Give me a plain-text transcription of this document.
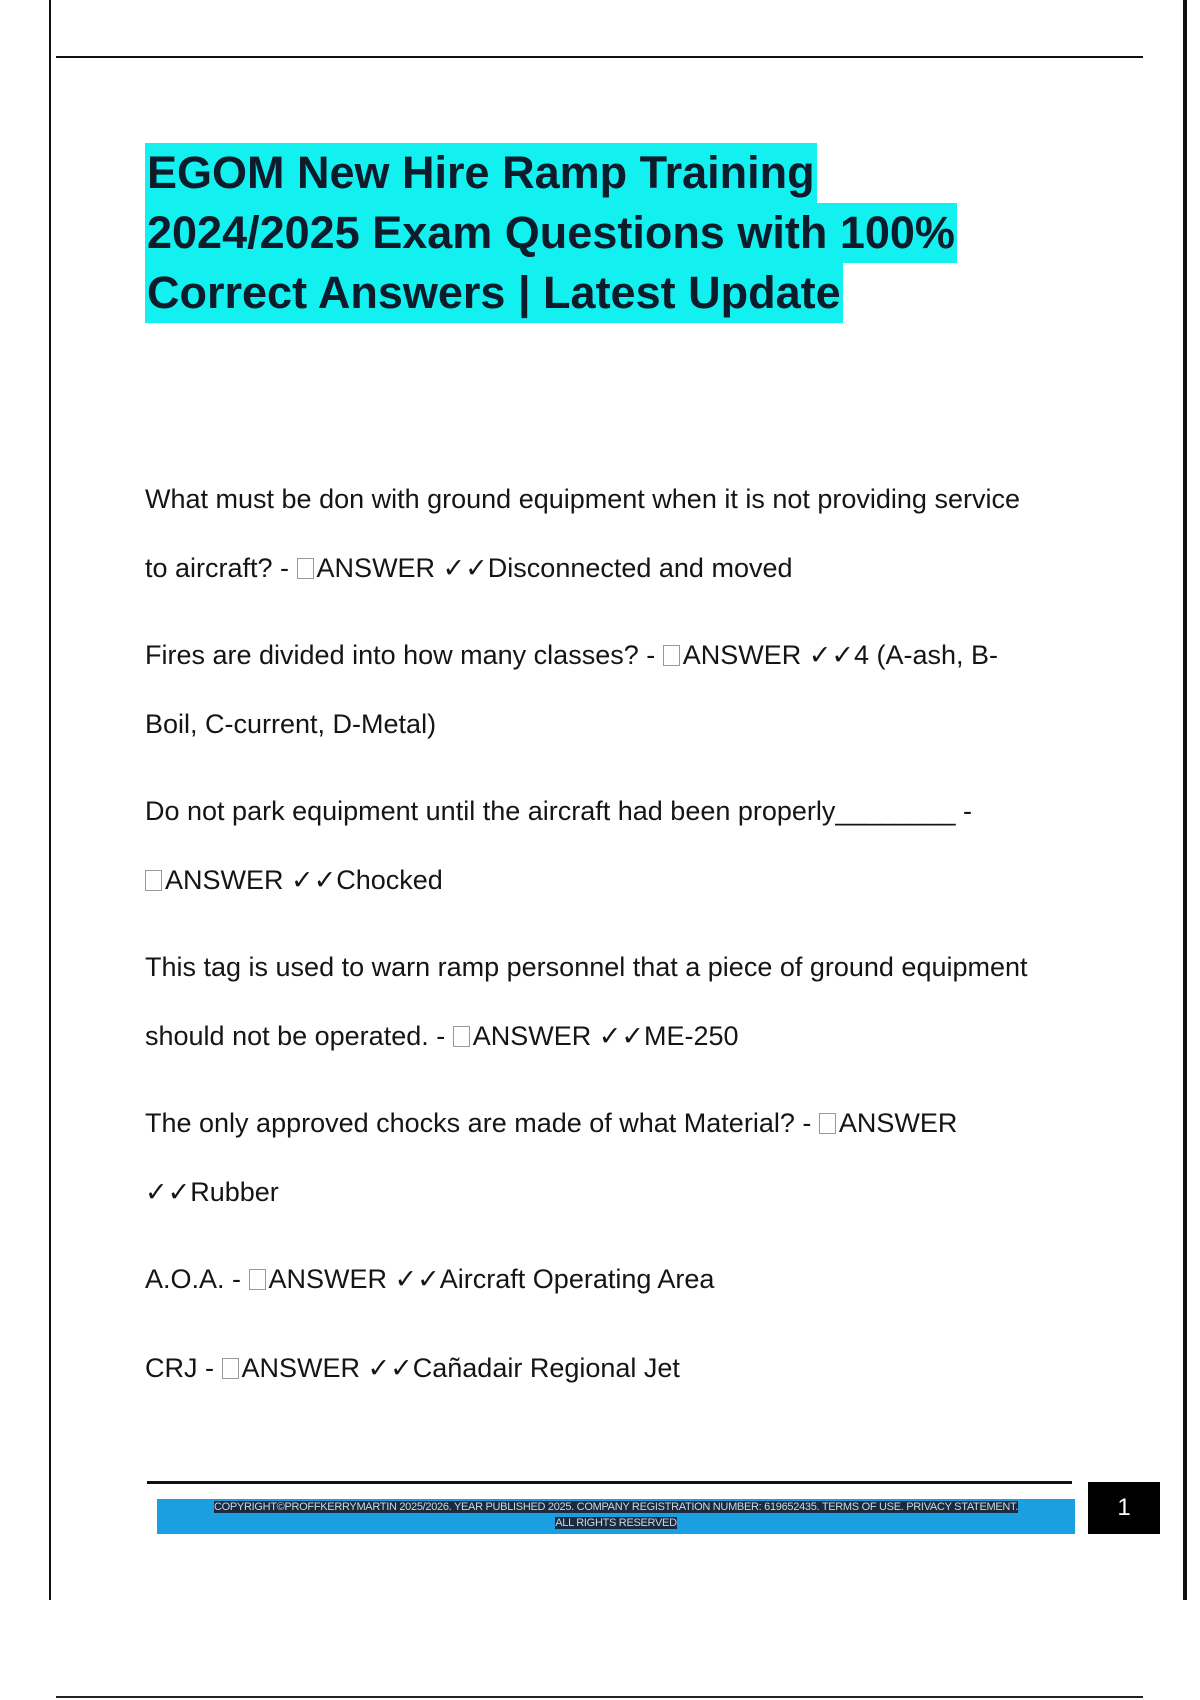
EGOM New Hire Ramp Training
2024/2025 Exam Questions with 100%
Correct Answers | Latest Update
What must be don with ground equipment when it is not providing service
to aircraft? - ANSWER ✓✓Disconnected and moved
Fires are divided into how many classes? - ANSWER ✓✓4 (A-ash, B-
Boil, C-current, D-Metal)
Do not park equipment until the aircraft had been properly________ -
ANSWER ✓✓Chocked
This tag is used to warn ramp personnel that a piece of ground equipment
should not be operated. - ANSWER ✓✓ME-250
The only approved chocks are made of what Material? - ANSWER
✓✓Rubber
A.O.A. - ANSWER ✓✓Aircraft Operating Area
CRJ - ANSWER ✓✓Cañadair Regional Jet
COPYRIGHT©PROFFKERRYMARTIN 2025/2026. YEAR PUBLISHED 2025. COMPANY REGISTRATION NUMBER: 619652435. TERMS OF USE. PRIVACY STATEMENT.
ALL RIGHTS RESERVED
1
